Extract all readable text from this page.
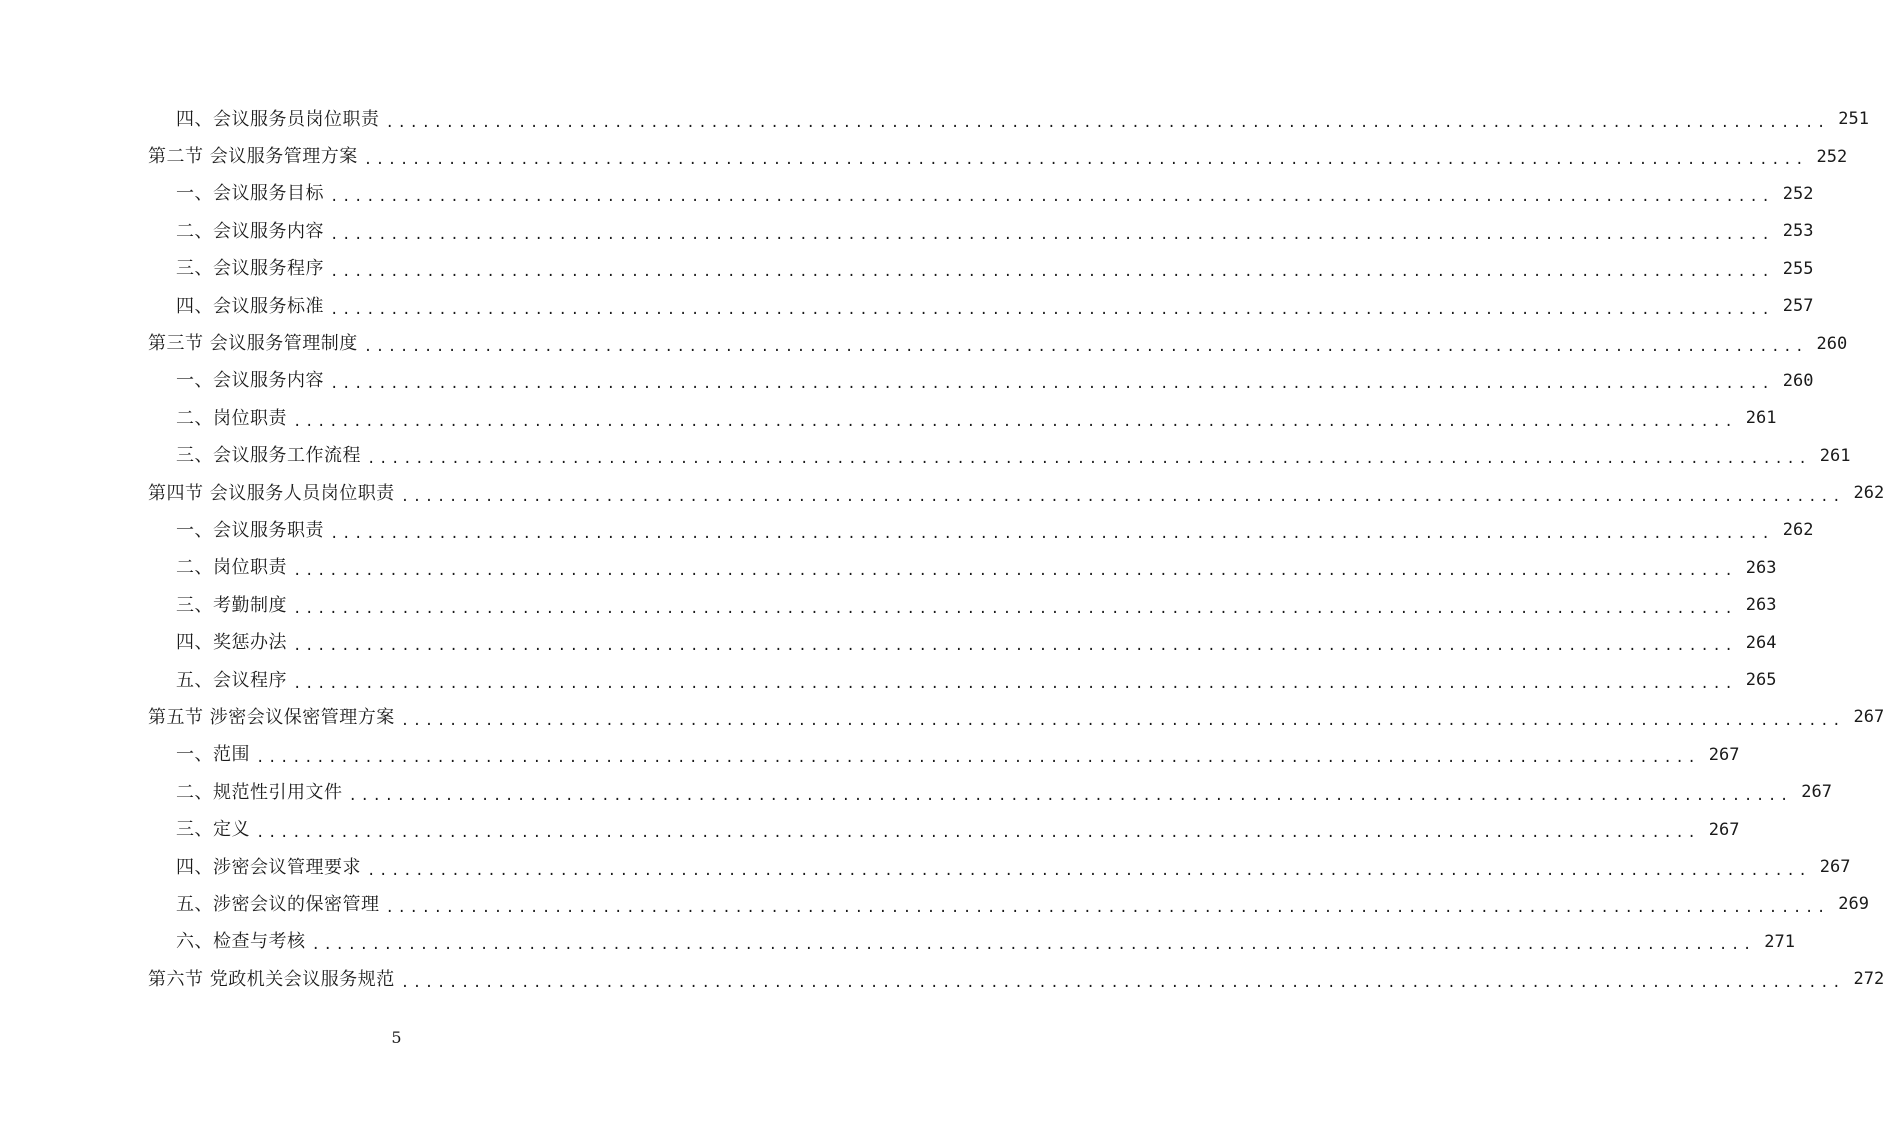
四、会议服务员岗位职责 ........................................................................................................................ 251
第二节 会议服务管理方案 ........................................................................................................................ 252
一、会议服务目标 ........................................................................................................................ 252
二、会议服务内容 ........................................................................................................................ 253
三、会议服务程序 ........................................................................................................................ 255
四、会议服务标准 ........................................................................................................................ 257
第三节 会议服务管理制度 ........................................................................................................................ 260
一、会议服务内容 ........................................................................................................................ 260
二、岗位职责 ........................................................................................................................ 261
三、会议服务工作流程 ........................................................................................................................ 261
第四节 会议服务人员岗位职责 ........................................................................................................................ 262
一、会议服务职责 ........................................................................................................................ 262
二、岗位职责 ........................................................................................................................ 263
三、考勤制度 ........................................................................................................................ 263
四、奖惩办法 ........................................................................................................................ 264
五、会议程序 ........................................................................................................................ 265
第五节 涉密会议保密管理方案 ........................................................................................................................ 267
一、范围 ........................................................................................................................ 267
二、规范性引用文件 ........................................................................................................................ 267
三、定义 ........................................................................................................................ 267
四、涉密会议管理要求 ........................................................................................................................ 267
五、涉密会议的保密管理 ........................................................................................................................ 269
六、检查与考核 ........................................................................................................................ 271
第六节 党政机关会议服务规范 ........................................................................................................................ 272
5
